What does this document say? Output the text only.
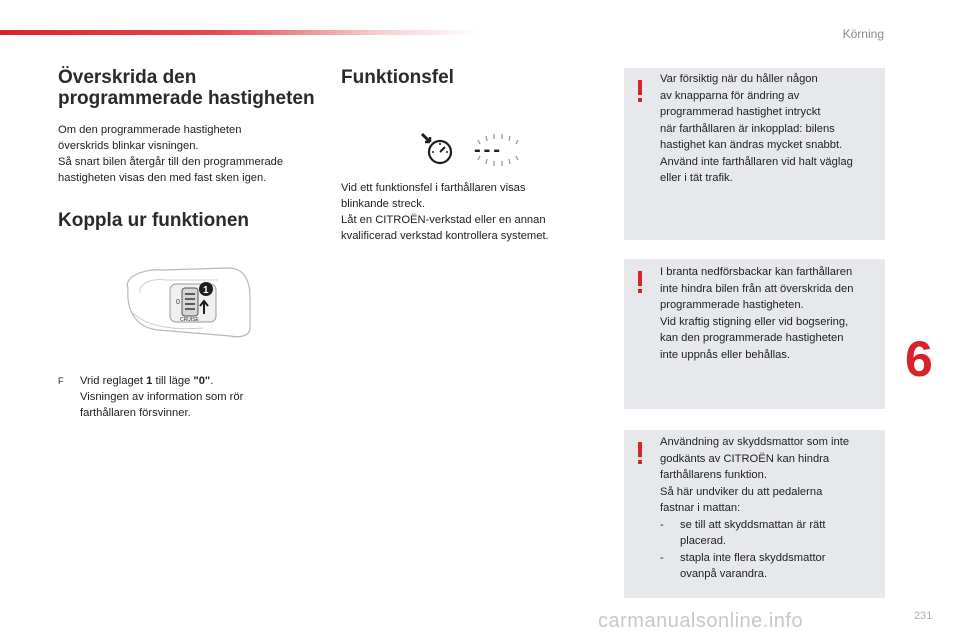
Körning
Överskrida den
programmerade hastigheten
Om den programmerade hastigheten
överskrids blinkar visningen.
Så snart bilen återgår till den programmerade
hastigheten visas den med fast sken igen.
Koppla ur funktionen
0
CRUISE
1
F	Vrid reglaget 1 till läge "0".
Visningen av information som rör
farthållaren försvinner.
Funktionsfel
---
Vid ett funktionsfel i farthållaren visas
blinkande streck.
Låt en CITROËN-verkstad eller en annan
kvalificerad verkstad kontrollera systemet.
Var försiktig när du håller någon
av knapparna för ändring av
programmerad hastighet intryckt
när farthållaren är inkopplad: bilens
hastighet kan ändras mycket snabbt.
Använd inte farthållaren vid halt väglag
eller i tät trafik.
I branta nedförsbackar kan farthållaren
inte hindra bilen från att överskrida den
programmerade hastigheten.
Vid kraftig stigning eller vid bogsering,
kan den programmerade hastigheten
inte uppnås eller behållas.
Användning av skyddsmattor som inte
godkänts av CITROËN kan hindra
farthållarens funktion.
Så här undviker du att pedalerna
fastnar i mattan:
-	se till att skyddsmattan är rätt
placerad.
-	stapla inte flera skyddsmattor
ovanpå varandra.
6
carmanualsonline.info	231
